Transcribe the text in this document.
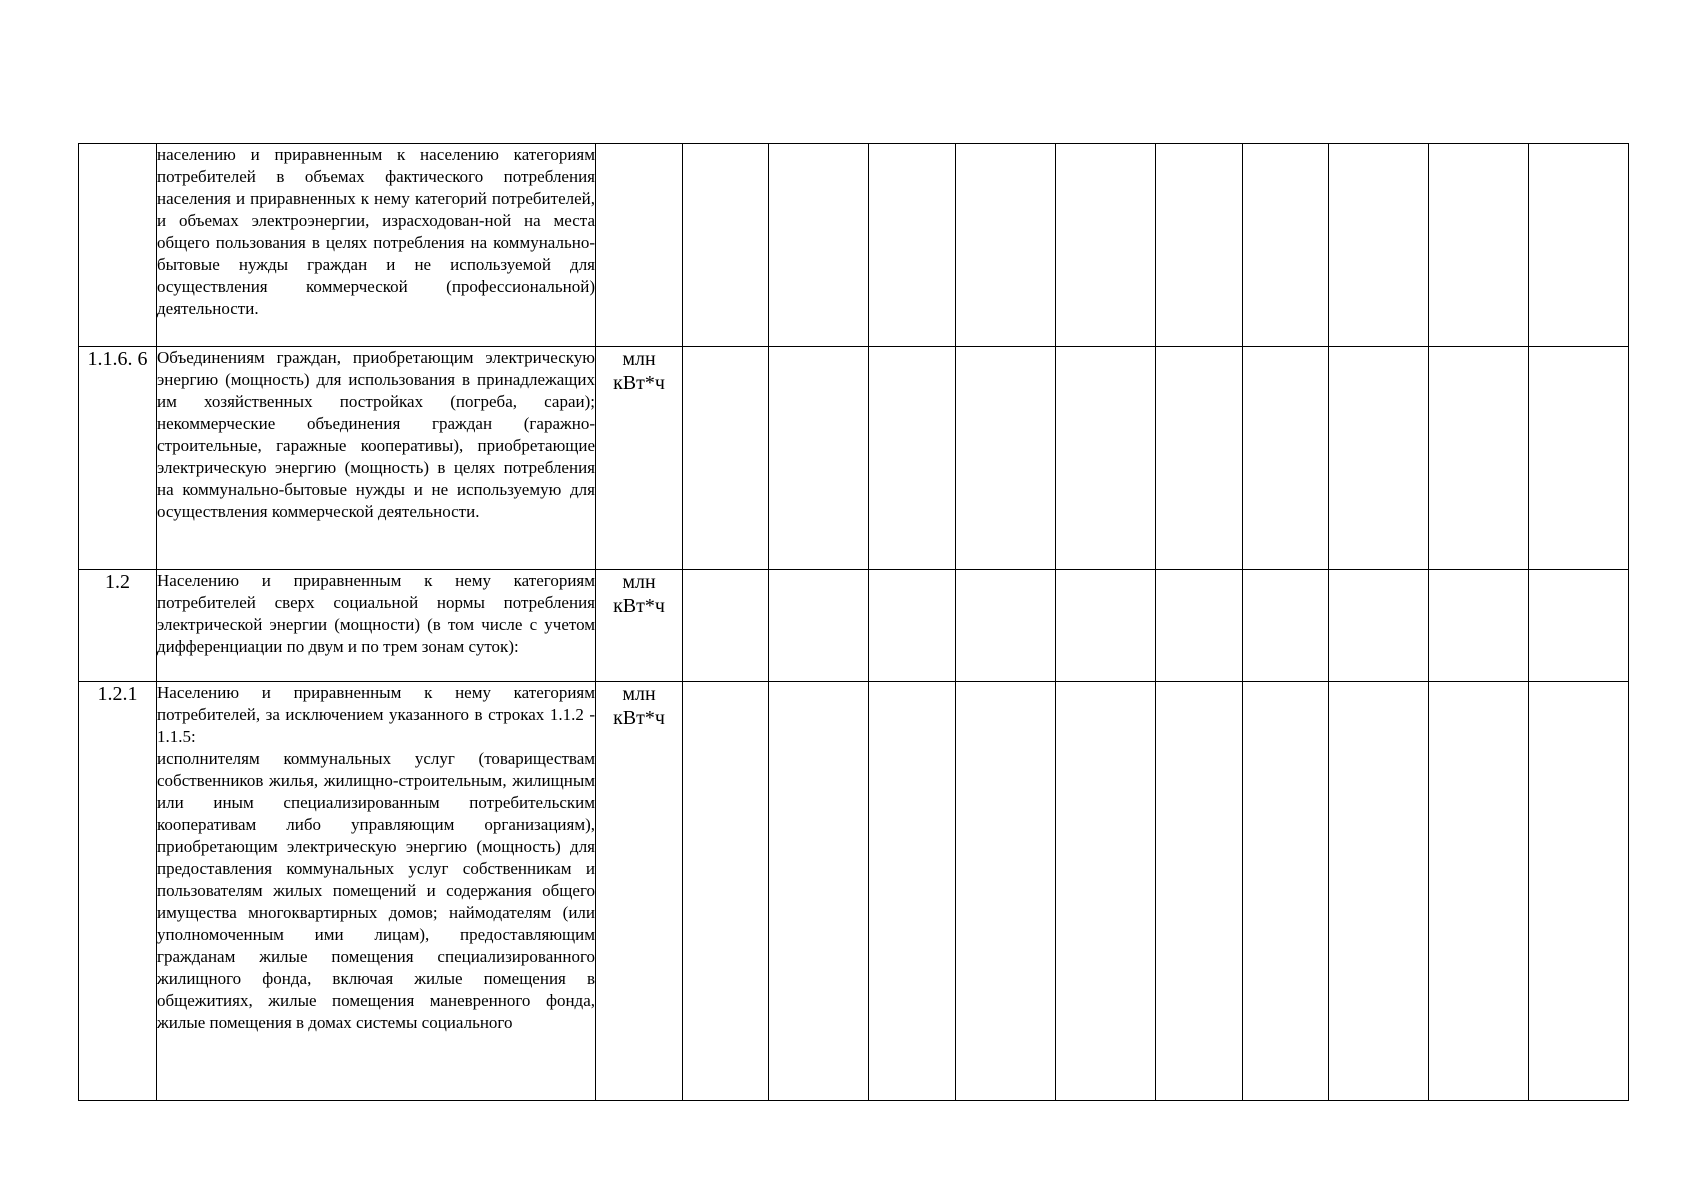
	населению и приравненным к населению категориям потребителей в объемах фактического потребления населения и приравненных к нему категорий потребителей, и объемах электроэнергии, израсходован-ной на места общего пользования в целях потребления на коммунально-бытовые нужды граждан и не используемой для осуществления коммерческой (профессиональной) деятельности.											

1.1.6. 6	Объединениям граждан, приобретающим электрическую энергию (мощность) для использования в принадлежащих им хозяйственных постройках (погреба, сараи); некоммерческие объединения граждан (гаражно-строительные, гаражные кооперативы), приобретающие электрическую энергию (мощность) в целях потребления на коммунально-бытовые нужды и не используемую для осуществления коммерческой деятельности.	млн
кВт*ч										

1.2	Населению и приравненным к нему категориям потребителей сверх социальной нормы потребления электрической энергии (мощности) (в том числе с учетом дифференциации по двум и по трем зонам суток):	млн
кВт*ч										

1.2.1	Населению и приравненным к нему категориям потребителей, за исключением указанного в строках 1.1.2 - 1.1.5:
исполнителям коммунальных услуг (товариществам собственников жилья, жилищно-строительным, жилищным или иным специализированным потребительским кооперативам либо управляющим организациям), приобретающим электрическую энергию (мощность) для предоставления коммунальных услуг собственникам и пользователям жилых помещений и содержания общего имущества многоквартирных домов; наймодателям (или уполномоченным ими лицам), предоставляющим гражданам жилые помещения специализированного жилищного фонда, включая жилые помещения в общежитиях, жилые помещения маневренного фонда, жилые помещения в домах системы социального	млн
кВт*ч										
